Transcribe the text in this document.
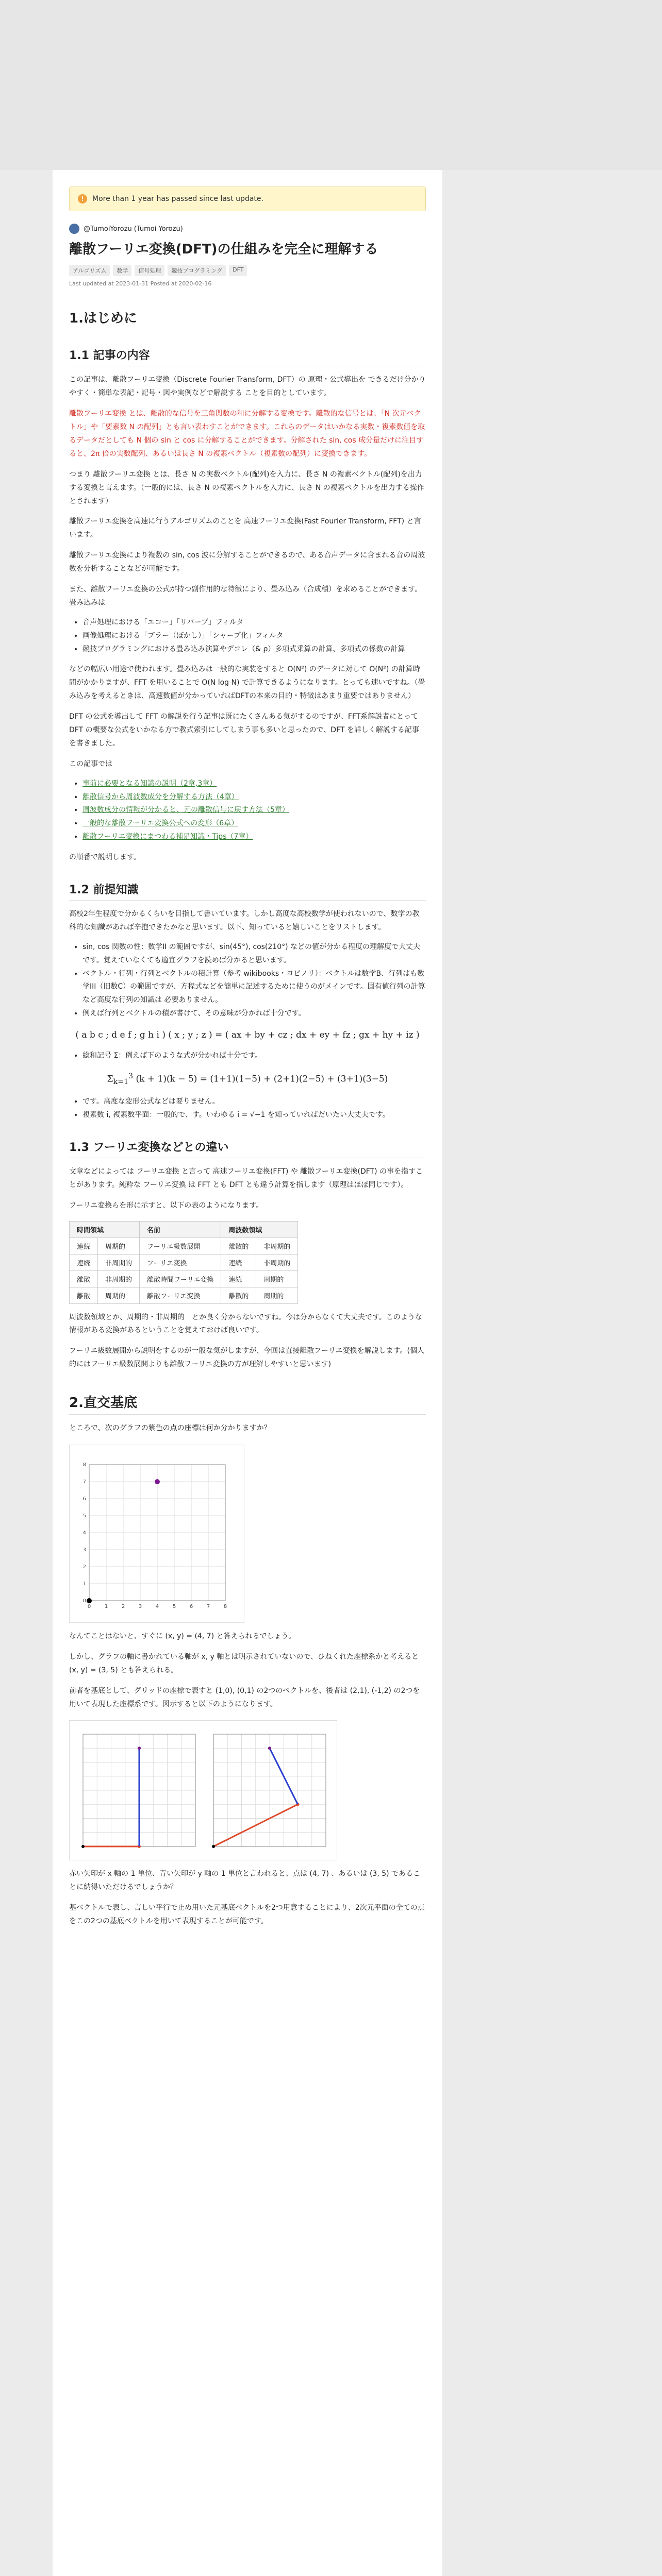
!	More than 1 year has passed since last update.
@TumoiYorozu (Tumoi Yorozu)
離散フーリエ変換(DFT)の仕組みを完全に理解する
アルゴリズム	数学	信号処理	競技プログラミング	DFT
Last updated at 2023-01-31 Posted at 2020-02-16
1.はじめに
1.1 記事の内容

この記事は、離散フーリエ変換（Discrete Fourier Transform, DFT）の 原理・公式導出を できるだけ分かりやすく・簡単な表記・記号・図や実例などで解説する ことを目的としています。

離散フーリエ変換 とは、離散的な信号を三角関数の和に分解する変換です。離散的な信号とは、「N 次元ベクトル」や「要素数 N の配列」とも言い表わすことができます。これらのデータはいかなる実数・複素数値を取るデータだとしても N 個の sin と cos に分解することができます。分解された sin, cos 成分量だけに注目すると、2π 倍の実数配列、あるいは長さ N の複素ベクトル（複素数の配列）に変換できます。

つまり 離散フーリエ変換 とは、長さ N の実数ベクトル(配列)を入力に、長さ N の複素ベクトル(配列)を出力する変換と言えます。（一般的には、長さ N の複素ベクトルを入力に、長さ N の複素ベクトルを出力する操作とされます）

離散フーリエ変換を高速に行うアルゴリズムのことを 高速フーリエ変換(Fast Fourier Transform, FFT) と言います。

離散フーリエ変換により複数の sin, cos 波に分解することができるので、ある音声データに含まれる音の周波数を分析することなどが可能です。

また、離散フーリエ変換の公式が持つ副作用的な特徴により、畳み込み（合成積）を求めることができます。畳み込みは

• 音声処理における「エコー」「リバーブ」フィルタ
• 画像処理における「ブラー（ぼかし）」「シャープ化」フィルタ
• 競技プログラミングにおける畳み込み演算やデコレ（& ρ）多項式乗算の計算、多項式の係数の計算

などの幅広い用途で使われます。畳み込みは一般的な実装をすると O(N²) のデータに対して O(N²) の計算時間がかかりますが、FFT を用いることで O(N log N) で計算できるようになります。とっても速いですね。（畳み込みを考えるときは、高速数値が分かっていればDFTの本来の目的・特徴はあまり重要ではありません）

DFT の公式を導出して FFT の解説を行う記事は既にたくさんある気がするのですが、FFT系解説者にとってDFT の概要な公式をいかなる方で教式索引にしてしまう事も多いと思ったので、DFT を詳しく解説する記事を書きました。

この記事では

• 事前に必要となる知識の説明（2章,3章）
• 離散信号から周波数成分を分解する方法（4章）
• 周波数成分の情報が分かると、元の離散信号に戻す方法（5章）
• 一般的な離散フーリエ変換公式への変形（6章）
• 離散フーリエ変換にまつわる補足知識・Tips（7章）

の順番で説明します。

1.2 前提知識

高校2年生程度で分かるくらいを目指して書いています。しかし高度な高校数学が使われないので、数学の教科的な知識があれば辛抱できたかなと思います。以下、知っていると嬉しいことをリストします。

• sin, cos 関数の性：数学II の範囲ですが、sin(45°), cos(210°) などの値が分かる程度の理解度で大丈夫です。覚えていなくても適宜グラフを読めば分かると思います。
• ベクトル・行列・行列とベクトルの積計算（参考 wikibooks・ヨビノリ）：ベクトルは数学B、行列はも数学III（旧数C）の範囲ですが、方程式などを簡単に記述するために使うのがメインです。固有値行列の計算など高度な行列の知識は 必要ありません。
• 例えば行列とベクトルの積が書けて、その意味が分かれば十分です。
( a b c ; d e f ; g h i ) ( x ; y ; z ) = ( ax + by + cz ; dx + ey + fz ; gx + hy + iz )
• 総和記号 Σ：例えば下のような式が分かれば十分です。
$\Sigma_{k=1}^3$ (k + 1)(k − 5) = (1+1)(1−5) + (2+1)(2−5) + (3+1)(3−5)
• です。高度な変形公式などは要りません。
• 複素数 i, 複素数平面：一般的で、す。いわゆる i = √−1 を知っていればだいたい大丈夫です。
1.3 フーリエ変換などとの違い

文章などによっては フーリエ変換 と言って 高速フーリエ変換(FFT) や 離散フーリエ変換(DFT) の事を指すことがあります。純粋な フーリエ変換 は FFT とも DFT とも違う計算を指します（原理はほぼ同じです）。

フーリエ変換らを形に示すと、以下の表のようになります。

時間領域		名前	周波数領域	
連続	周期的	フーリエ級数展開	離散的	非周期的
連続	非周期的	フーリエ変換	連続	非周期的
離散	非周期的	離散時間フーリエ変換	連続	周期的
離散	周期的	離散フーリエ変換	離散的	周期的

周波数領域とか、周期的・非周期的　とか良く分からないですね。今は分からなくて大丈夫です。このような情報がある変換があるということを覚えておけば良いです。

フーリエ級数展開から説明をするのが一般な気がしますが、今回は直接離散フーリエ変換を解説します。(個人的にはフーリエ級数展開よりも離散フーリエ変換の方が理解しやすいと思います)

2.直交基底

ところで、次のグラフの紫色の点の座標は何か分かりますか？

0	1	2	3	4	5	6	7	8
0
1
2
3
4
5
6
7
8

なんてことはないと、すぐに (x, y) = (4, 7) と答えられるでしょう。

しかし、グラフの軸に書かれている軸が x, y 軸とは明示されていないので、ひねくれた座標系かと考えると (x, y) = (3, 5) とも答えられる。

前者を基底として、グリッドの座標で表すと (1,0), (0,1) の2つのベクトルを、後者は (2,1), (-1,2) の2つを用いて表現した座標系です。図示すると以下のようになります。

赤い矢印が x 軸の 1 単位、青い矢印が y 軸の 1 単位と言われると、点は (4, 7) 、あるいは (3, 5) であることに納得いただけるでしょうか？

基ベクトルで表し、言しい平行で止め用いた元基底ベクトルを2つ用意することにより、2次元平面の全ての点をこの2つの基底ベクトルを用いて表現することが可能です。
